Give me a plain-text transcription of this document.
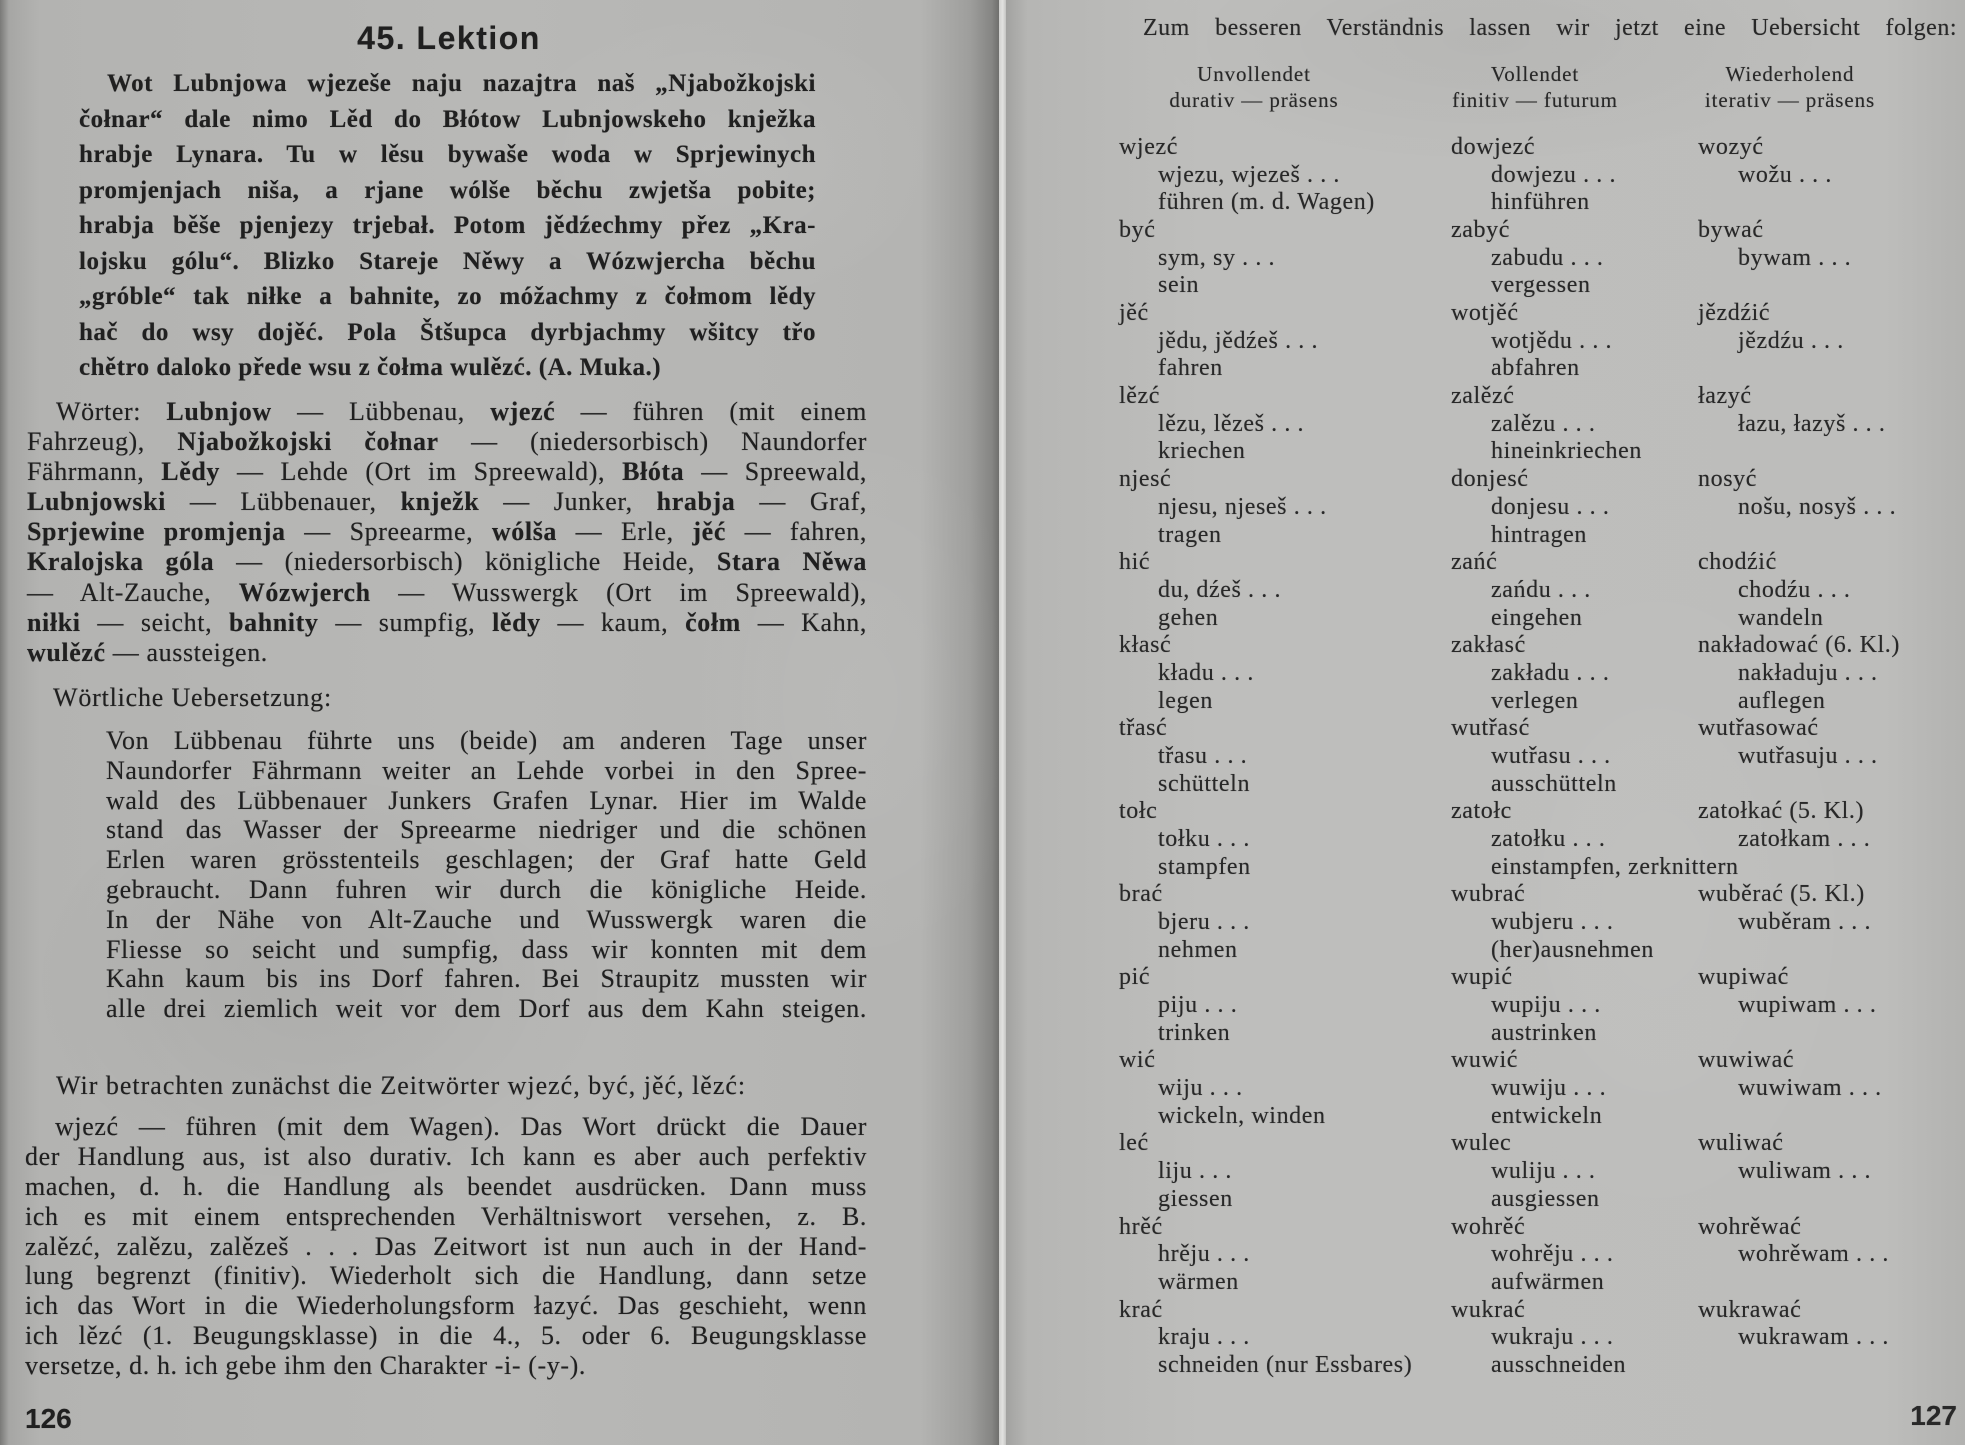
45. Lektion
Wot Lubnjowa wjezeše naju nazajtra naš „Njabožkojski
čołnar“ dale nimo Lěd do Błótow Lubnjowskeho knježka
hrabje Lynara. Tu w lěsu bywaše woda w Sprjewinych
promjenjach niša, a rjane wólše běchu zwjetša pobite;
hrabja běše pjenjezy trjebał. Potom jědźechmy přez „Kra-
lojsku gólu“. Blizko Stareje Něwy a Wózwjercha běchu
„gróble“ tak niłke a bahnite, zo móžachmy z čołmom lědy
hač do wsy dojěć. Pola Štšupca dyrbjachmy wšitcy třo
chětro daloko přede wsu z čołma wulězć. (A. Muka.)
Wörter: Lubnjow — Lübbenau, wjezć — führen (mit einem
Fahrzeug), Njabožkojski čołnar — (niedersorbisch) Naundorfer
Fährmann, Lědy — Lehde (Ort im Spreewald), Błóta — Spreewald,
Lubnjowski — Lübbenauer, knježk — Junker, hrabja — Graf,
Sprjewine promjenja — Spreearme, wólša — Erle, jěć — fahren,
Kralojska góla — (niedersorbisch) königliche Heide, Stara Něwa
— Alt-Zauche, Wózwjerch — Wusswergk (Ort im Spreewald),
niłki — seicht, bahnity — sumpfig, lědy — kaum, čołm — Kahn,
wulězć — aussteigen.
Wörtliche Uebersetzung:
Von Lübbenau führte uns (beide) am anderen Tage unser
Naundorfer Fährmann weiter an Lehde vorbei in den Spree-
wald des Lübbenauer Junkers Grafen Lynar. Hier im Walde
stand das Wasser der Spreearme niedriger und die schönen
Erlen waren grösstenteils geschlagen; der Graf hatte Geld
gebraucht. Dann fuhren wir durch die königliche Heide.
In der Nähe von Alt-Zauche und Wusswergk waren die
Fliesse so seicht und sumpfig, dass wir konnten mit dem
Kahn kaum bis ins Dorf fahren. Bei Straupitz mussten wir
alle drei ziemlich weit vor dem Dorf aus dem Kahn steigen.
Wir betrachten zunächst die Zeitwörter wjezć, być, jěć, lězć:
wjezć — führen (mit dem Wagen). Das Wort drückt die Dauer
der Handlung aus, ist also durativ. Ich kann es aber auch perfektiv
machen, d. h. die Handlung als beendet ausdrücken. Dann muss
ich es mit einem entsprechenden Verhältniswort versehen, z. B.
zalězć, zalězu, zalězeš . . . Das Zeitwort ist nun auch in der Hand-
lung begrenzt (finitiv). Wiederholt sich die Handlung, dann setze
ich das Wort in die Wiederholungsform łazyć. Das geschieht, wenn
ich lězć (1. Beugungsklasse) in die 4., 5. oder 6. Beugungsklasse
versetze, d. h. ich gebe ihm den Charakter -i- (-y-).
126
Zum besseren Verständnis lassen wir jetzt eine Uebersicht folgen:
Unvollendet
durativ — präsens
Vollendet
finitiv — futurum
Wiederholend
iterativ — präsens
wjezć
wjezu, wjezeš . . .
führen (m. d. Wagen)
dowjezć
dowjezu . . .
hinführen
wozyć
wožu . . .
być
sym, sy . . .
sein
zabyć
zabudu . . .
vergessen
bywać
bywam . . .
jěć
jědu, jědźeš . . .
fahren
wotjěć
wotjědu . . .
abfahren
jězdźić
jězdźu . . .
lězć
lězu, lězeš . . .
kriechen
zalězć
zalězu . . .
hineinkriechen
łazyć
łazu, łazyš . . .
njesć
njesu, njeseš . . .
tragen
donjesć
donjesu . . .
hintragen
nosyć
nošu, nosyš . . .
hić
du, dźeš . . .
gehen
zańć
zańdu . . .
eingehen
chodźić
chodźu . . .
wandeln
kłasć
kładu . . .
legen
zakłasć
zakładu . . .
verlegen
nakładować (6. Kl.)
nakładuju . . .
auflegen
třasć
třasu . . .
schütteln
wutřasć
wutřasu . . .
ausschütteln
wutřasować
wutřasuju . . .
tołc
tołku . . .
stampfen
zatołc
zatołku . . .
einstampfen, zerknittern
zatołkać (5. Kl.)
zatołkam . . .
brać
bjeru . . .
nehmen
wubrać
wubjeru . . .
(her)ausnehmen
wuběrać (5. Kl.)
wuběram . . .
pić
piju . . .
trinken
wupić
wupiju . . .
austrinken
wupiwać
wupiwam . . .
wić
wiju . . .
wickeln, winden
wuwić
wuwiju . . .
entwickeln
wuwiwać
wuwiwam . . .
leć
liju . . .
giessen
wulec
wuliju . . .
ausgiessen
wuliwać
wuliwam . . .
hrěć
hrěju . . .
wärmen
wohrěć
wohrěju . . .
aufwärmen
wohrěwać
wohrěwam . . .
krać
kraju . . .
schneiden (nur Essbares)
wukrać
wukraju . . .
ausschneiden
wukrawać
wukrawam . . .
127
